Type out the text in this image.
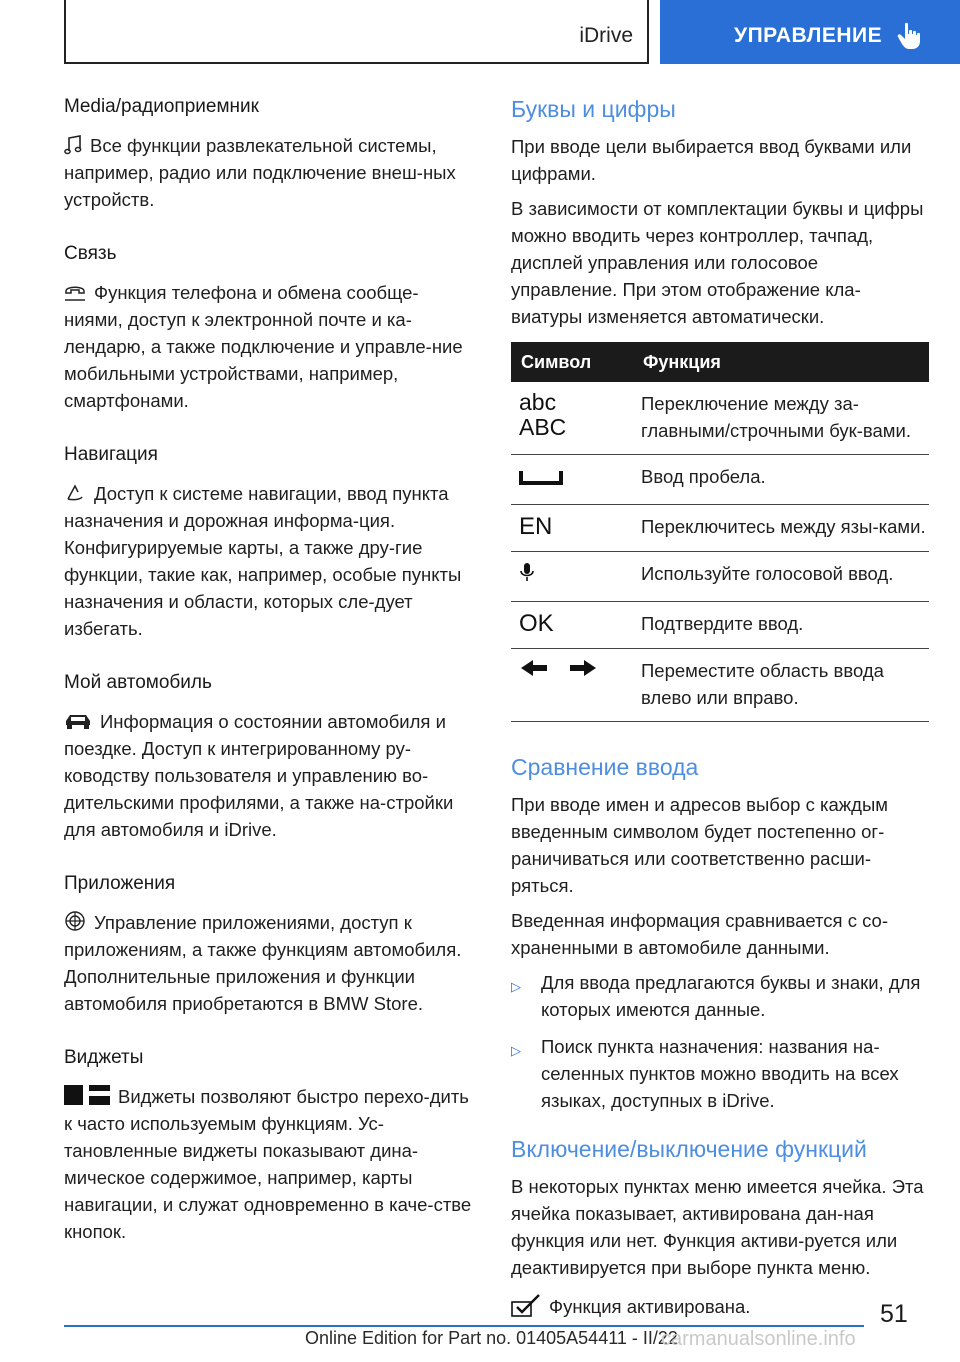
iDrive	УПРАВЛЕНИЕ
Media/радиоприемник
Все функции развлекательной системы, например, радио или подключение внеш-ных устройств.
Связь
Функция телефона и обмена сообще-ниями, доступ к электронной почте и ка-лендарю, а также подключение и управле-ние мобильными устройствами, например, смартфонами.
Навигация
Доступ к системе навигации, ввод пункта назначения и дорожная информа-ция. Конфигурируемые карты, а также дру-гие функции, такие как, например, особые пункты назначения и области, которых сле-дует избегать.
Мой автомобиль
Информация о состоянии автомобиля и поездке. Доступ к интегрированному ру-ководству пользователя и управлению во-дительскими профилями, а также на-стройки для автомобиля и iDrive.
Приложения
Управление приложениями, доступ к приложениям, а также функциям автомобиля. Дополнительные приложения и функции автомобиля приобретаются в BMW Store.
Виджеты
Виджеты позволяют быстро перехо-дить к часто используемым функциям. Ус-тановленные виджеты показывают дина-мическое содержимое, например, карты навигации, и служат одновременно в каче-стве кнопок.
Буквы и цифры

При вводе цели выбирается ввод буквами или цифрами.

В зависимости от комплектации буквы и цифры можно вводить через контроллер, тачпад, дисплей управления или голосовое управление. При этом отображение кла-виатуры изменяется автоматически.

Символ	Функция

abc
ABC	Переключение между за-главными/строчными бук-вами.
	Ввод пробела.
EN	Переключитесь между язы-ками.
	Используйте голосовой ввод.
OK	Подтвердите ввод.
	Переместите область ввода влево или вправо.
Сравнение ввода

При вводе имен и адресов выбор с каждым введенным символом будет постепенно ог-раничиваться или соответственно расши-ряться.

Введенная информация сравнивается с со-храненными в автомобиле данными.

▷ Для ввода предлагаются буквы и знаки, для которых имеются данные.
▷ Поиск пункта назначения: названия на-селенных пунктов можно вводить на всех языках, доступных в iDrive.
Включение/выключение функций

В некоторых пунктах меню имеется ячейка. Эта ячейка показывает, активирована дан-ная функция или нет. Функция активи-руется или деактивируется при выборе пункта меню.

Функция активирована.	51
Online Edition for Part no. 01405A54411 - II/22
carmanualsonline.info
